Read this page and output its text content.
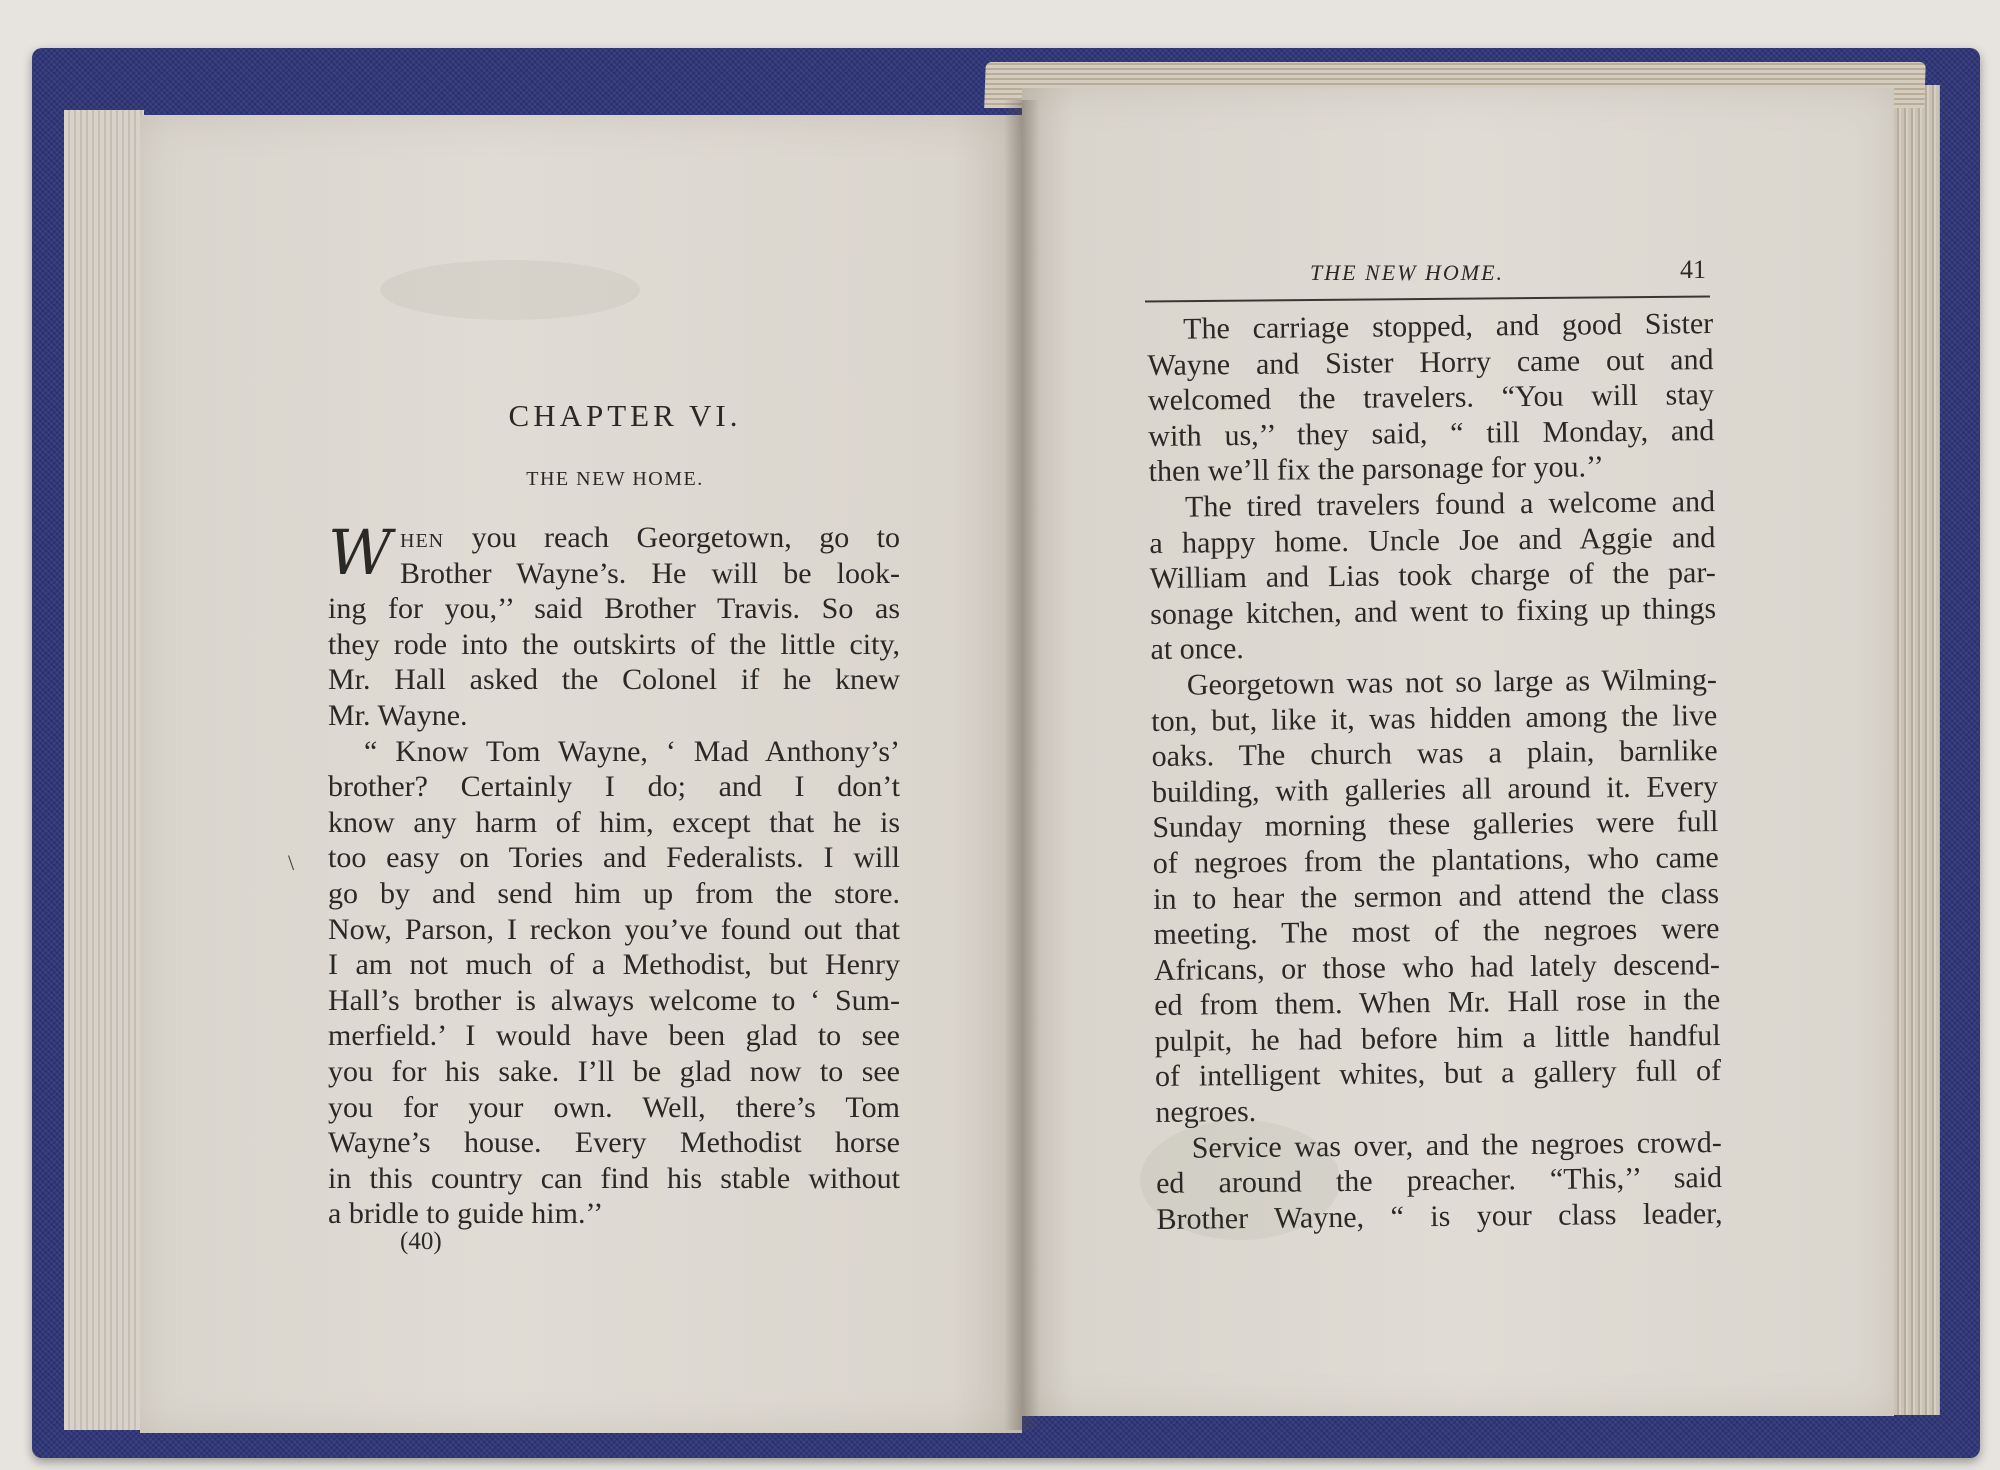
CHAPTER VI.
THE NEW HOME.
W HEN you reach Georgetown, go to
Brother Wayne’s. He will be look-
ing for you,’’ said Brother Travis. So as
they rode into the outskirts of the little city,
Mr. Hall asked the Colonel if he knew
Mr. Wayne.
“ Know Tom Wayne, ‘ Mad Anthony’s’
brother? Certainly I do; and I don’t
know any harm of him, except that he is
too easy on Tories and Federalists. I will
go by and send him up from the store.
Now, Parson, I reckon you’ve found out that
I am not much of a Methodist, but Henry
Hall’s brother is always welcome to ‘ Sum-
merfield.’ I would have been glad to see
you for his sake. I’ll be glad now to see
you for your own. Well, there’s Tom
Wayne’s house. Every Methodist horse
in this country can find his stable without
a bridle to guide him.’’
(40)
\
THE NEW HOME.	41
The carriage stopped, and good Sister
Wayne and Sister Horry came out and
welcomed the travelers. “You will stay
with us,’’ they said, “ till Monday, and
then we’ll fix the parsonage for you.’’
The tired travelers found a welcome and
a happy home. Uncle Joe and Aggie and
William and Lias took charge of the par-
sonage kitchen, and went to fixing up things
at once.
Georgetown was not so large as Wilming-
ton, but, like it, was hidden among the live
oaks. The church was a plain, barnlike
building, with galleries all around it. Every
Sunday morning these galleries were full
of negroes from the plantations, who came
in to hear the sermon and attend the class
meeting. The most of the negroes were
Africans, or those who had lately descend-
ed from them. When Mr. Hall rose in the
pulpit, he had before him a little handful
of intelligent whites, but a gallery full of
negroes.
Service was over, and the negroes crowd-
ed around the preacher. “This,’’ said
Brother Wayne, “ is your class leader,
